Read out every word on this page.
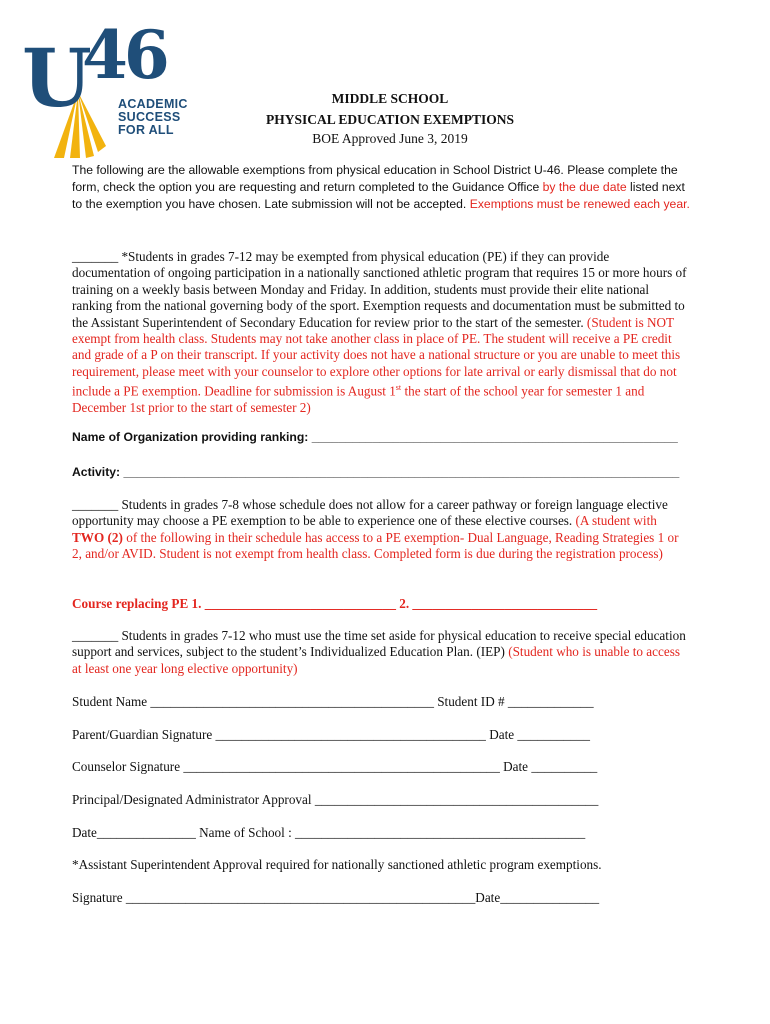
U
46
ACADEMIC
SUCCESS
FOR ALL
MIDDLE SCHOOL
PHYSICAL EDUCATION EXEMPTIONS
BOE Approved June 3, 2019
The following are the allowable exemptions from physical education in School District U-46. Please complete the form, check the option you are requesting and return completed to the Guidance Office by the due date listed next to the exemption you have chosen. Late submission will not be accepted. Exemptions must be renewed each year.
_______ *Students in grades 7-12 may be exempted from physical education (PE) if they can provide documentation of ongoing participation in a nationally sanctioned athletic program that requires 15 or more hours of training on a weekly basis between Monday and Friday. In addition, students must provide their elite national ranking from the national governing body of the sport. Exemption requests and documentation must be submitted to the Assistant Superintendent of Secondary Education for review prior to the start of the semester. (Student is NOT exempt from health class. Students may not take another class in place of PE. The student will receive a PE credit and grade of a P on their transcript. If your activity does not have a national structure or you are unable to meet this requirement, please meet with your counselor to explore other options for late arrival or early dismissal that do not include a PE exemption. Deadline for submission is August 1st the start of the school year for semester 1 and December 1st prior to the start of semester 2)
Name of Organization providing ranking: ______________________________________________________
Activity: __________________________________________________________________________________
_______ Students in grades 7-8 whose schedule does not allow for a career pathway or foreign language elective opportunity may choose a PE exemption to be able to experience one of these elective courses. (A student with TWO (2) of the following in their schedule has access to a PE exemption- Dual Language, Reading Strategies 1 or 2, and/or AVID. Student is not exempt from health class. Completed form is due during the registration process)
Course replacing PE 1. _____________________________ 2. ____________________________
_______ Students in grades 7-12 who must use the time set aside for physical education to receive special education support and services, subject to the student’s Individualized Education Plan. (IEP) (Student who is unable to access at least one year long elective opportunity)
Student Name ___________________________________________ Student ID # _____________
Parent/Guardian Signature _________________________________________ Date ___________
Counselor Signature ________________________________________________ Date __________
Principal/Designated Administrator Approval ___________________________________________
Date_______________ Name of School : ____________________________________________
*Assistant Superintendent Approval required for nationally sanctioned athletic program exemptions.
Signature _____________________________________________________Date_______________
